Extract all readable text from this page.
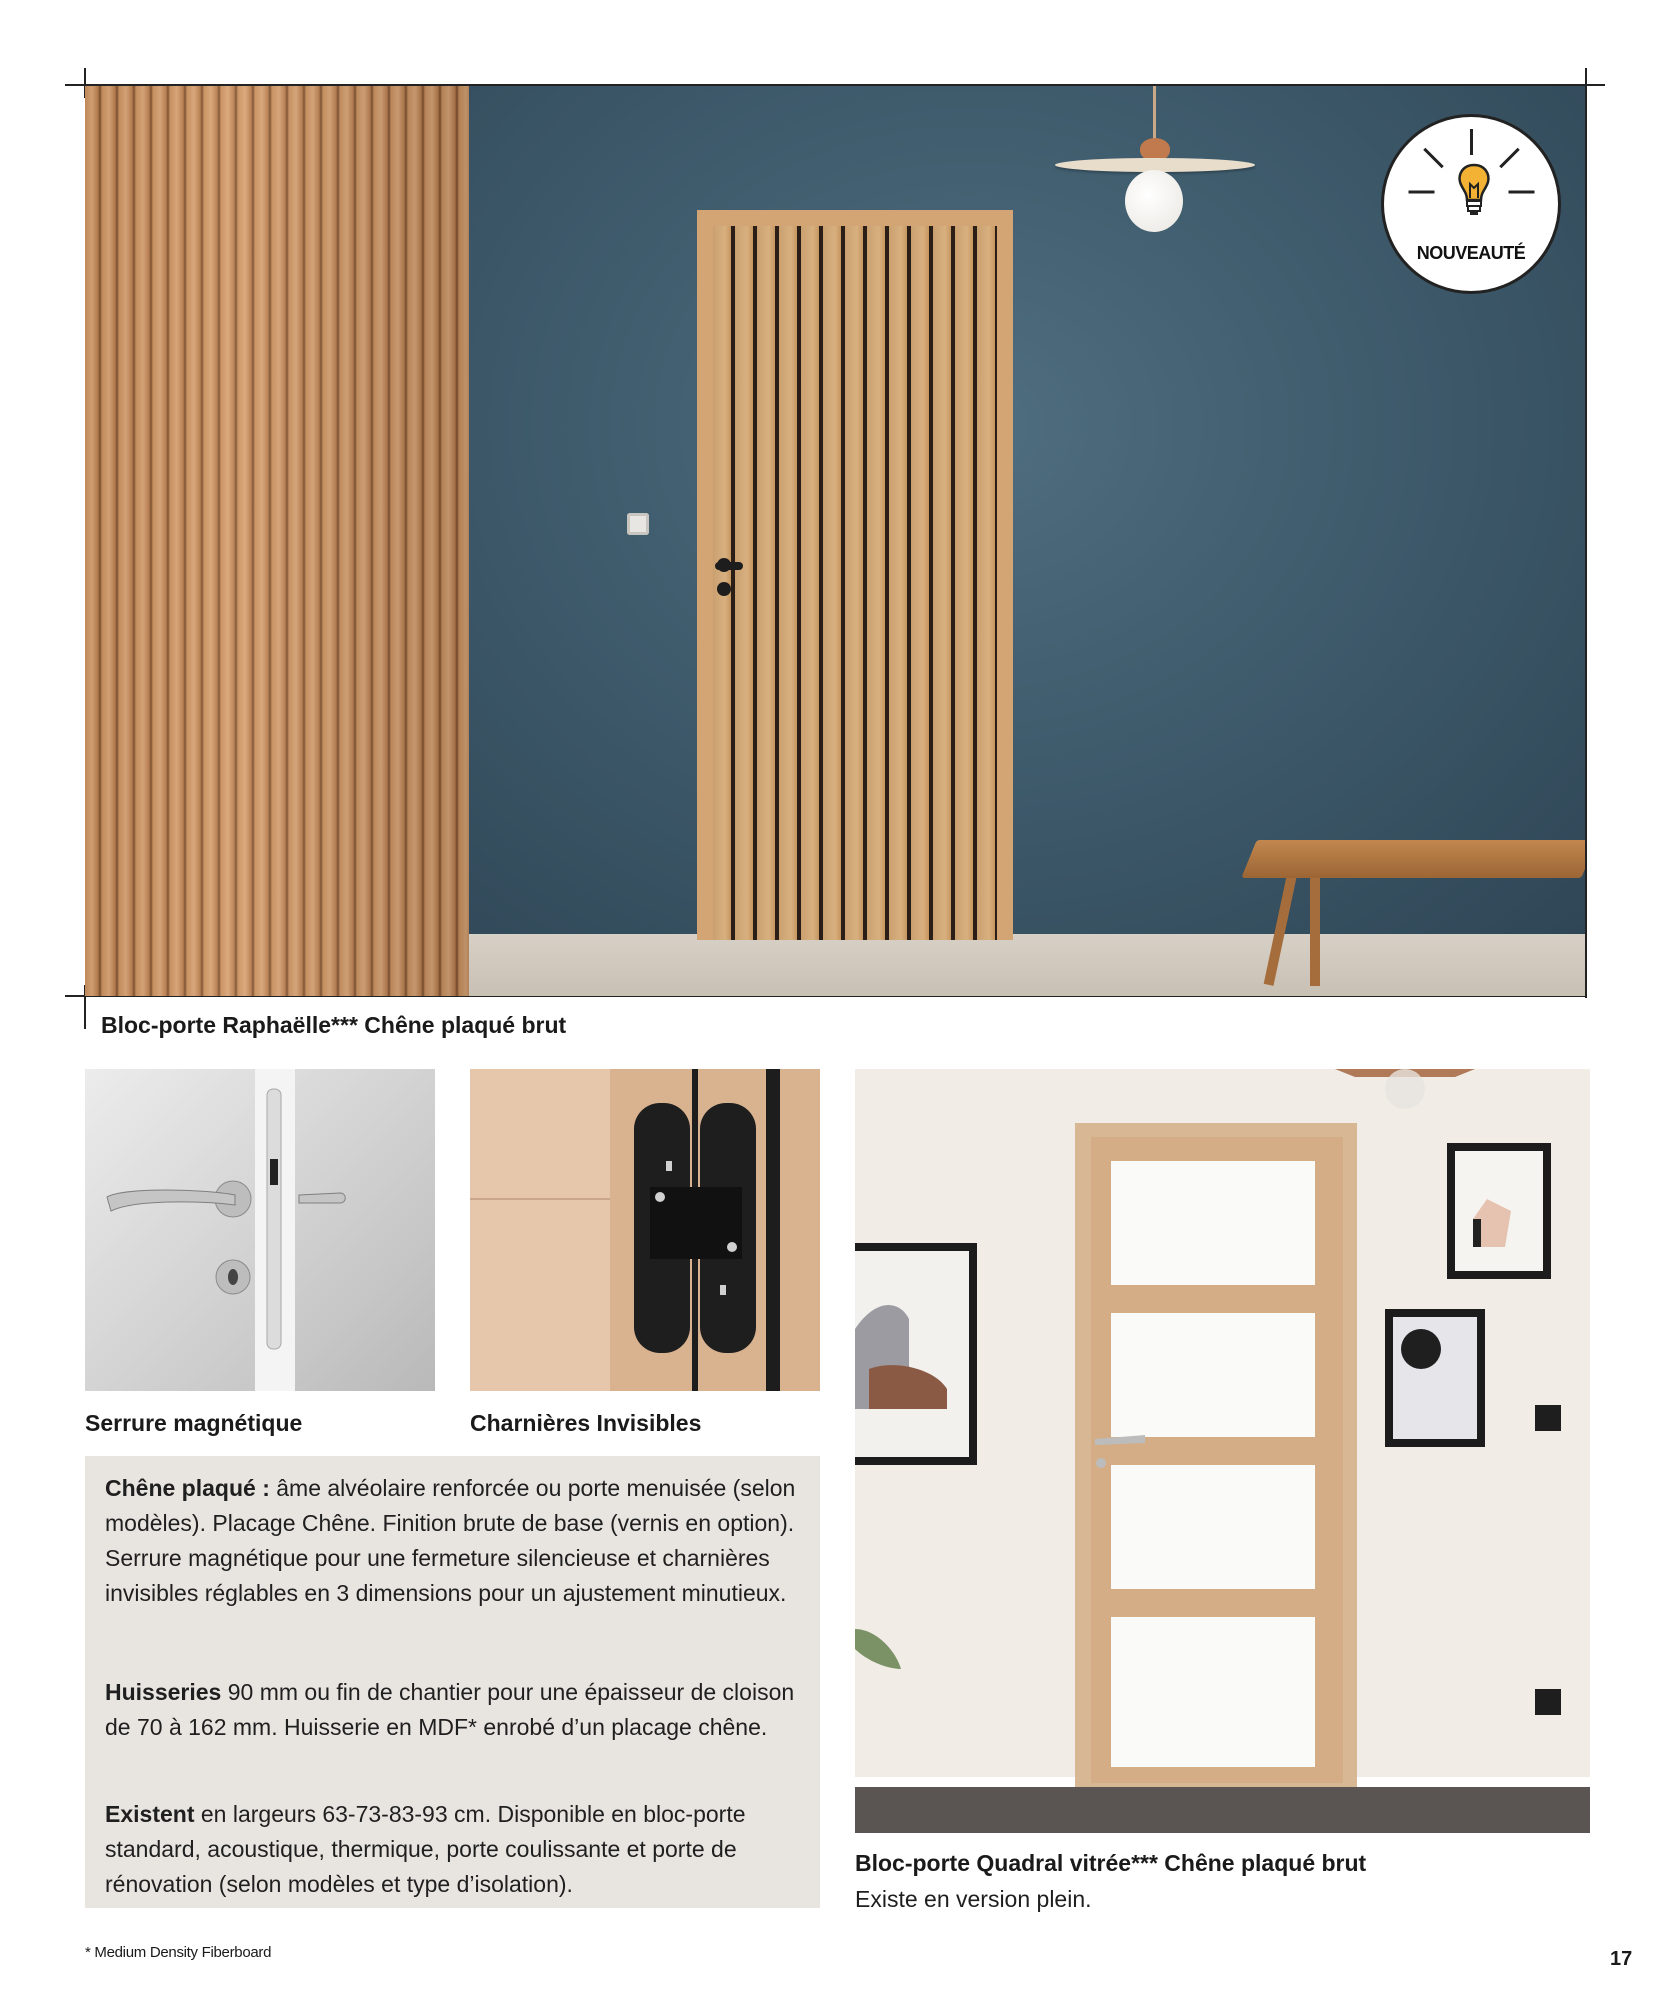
NOUVEAUTÉ
Bloc-porte Raphaëlle*** Chêne plaqué brut
Serrure magnétique	Charnières Invisibles

Chêne plaqué : âme alvéolaire renforcée ou porte menuisée (selon modèles). Placage Chêne. Finition brute de base (vernis en option). Serrure magnétique pour une fermeture silencieuse et charnières invisibles réglables en 3 dimensions pour un ajustement minutieux.

Huisseries 90 mm ou fin de chantier pour une épaisseur de cloison de 70 à 162 mm. Huisserie en MDF* enrobé d’un placage chêne.

Existent en largeurs 63-73-83-93 cm. Disponible en bloc-porte standard, acoustique, thermique, porte coulissante et porte de rénovation (selon modèles et type d’isolation).

Bloc-porte Quadral vitrée*** Chêne plaqué brut
Existe en version plein.
* Medium Density Fiberboard	17
